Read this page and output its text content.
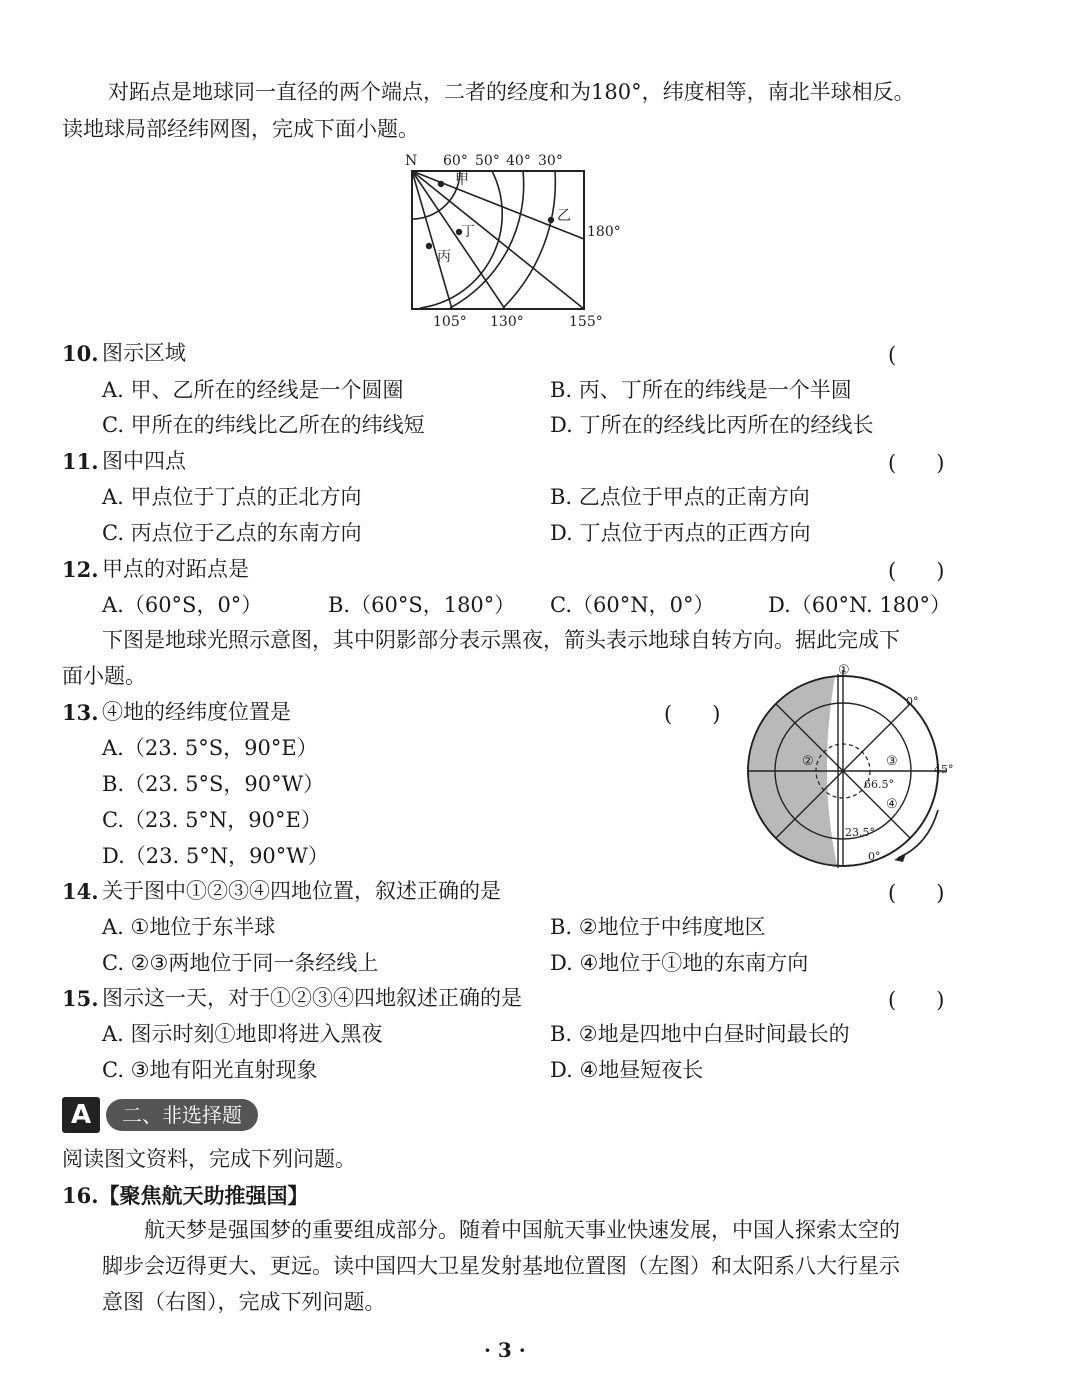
对跖点是地球同一直径的两个端点，二者的经度和为180°，纬度相等，南北半球相反。
读地球局部经纬网图，完成下面小题。
N 60° 50° 40° 30°
180°
105° 130°	155°
甲
乙
丙
丁
10. 图示区域	(
A. 甲、乙所在的经线是一个圆圈	B. 丙、丁所在的纬线是一个半圆
C. 甲所在的纬线比乙所在的纬线短	D. 丁所在的经线比丙所在的经线长
11. 图中四点	(      )
A. 甲点位于丁点的正北方向	B. 乙点位于甲点的正南方向
C. 丙点位于乙点的东南方向	D. 丁点位于丙点的正西方向
12. 甲点的对跖点是	(      )
A.（60°S，0°）	B.（60°S，180°） C.（60°N，0°）	D.（60°N. 180°）
下图是地球光照示意图，其中阴影部分表示黑夜，箭头表示地球自转方向。据此完成下
面小题。
13. ④地的经纬度位置是	(      )
A.（23. 5°S，90°E）
B.（23. 5°S，90°W）
C.（23. 5°N，90°E）
D.（23. 5°N，90°W）
①
②	③
④
0°
45°
66.5°
23.5°
0°
14. 关于图中①②③④四地位置，叙述正确的是	(      )
A. ①地位于东半球	B. ②地位于中纬度地区
C. ②③两地位于同一条经线上	D. ④地位于①地的东南方向
15. 图示这一天，对于①②③④四地叙述正确的是	(      )
A. 图示时刻①地即将进入黑夜	B. ②地是四地中白昼时间最长的
C. ③地有阳光直射现象	D. ④地昼短夜长
A	二、非选择题
阅读图文资料，完成下列问题。
16.【聚焦航天助推强国】
航天梦是强国梦的重要组成部分。随着中国航天事业快速发展，中国人探索太空的
脚步会迈得更大、更远。读中国四大卫星发射基地位置图（左图）和太阳系八大行星示
意图（右图），完成下列问题。
· 3 ·
